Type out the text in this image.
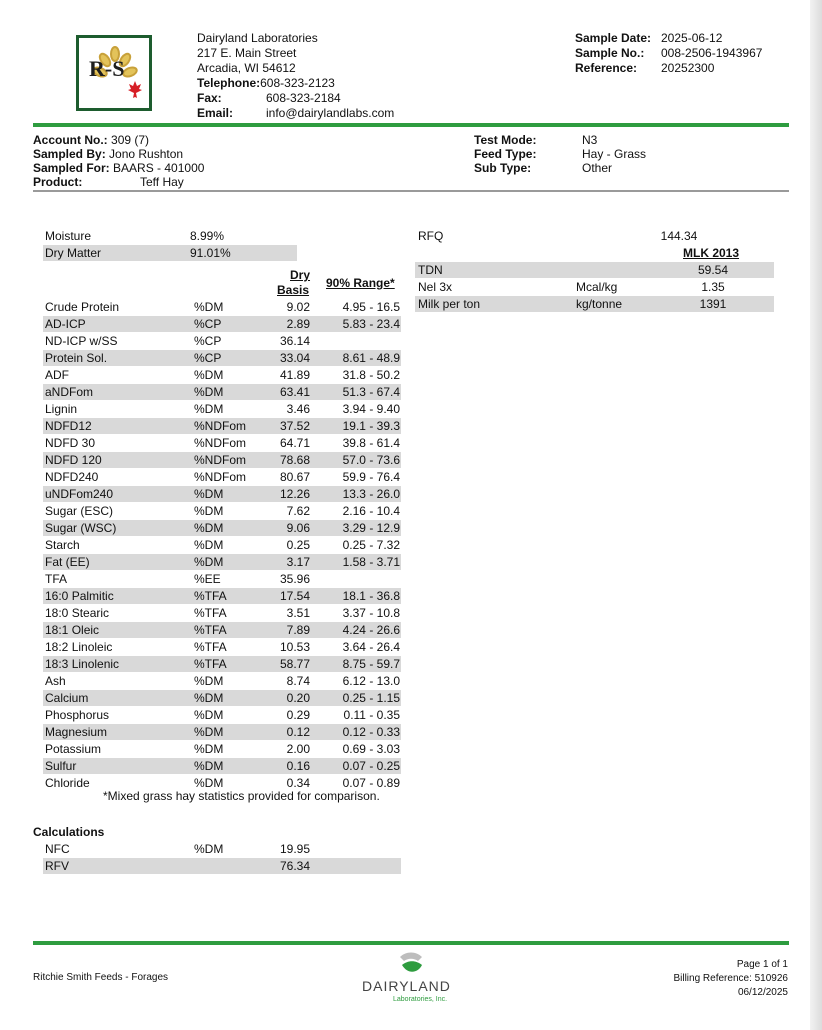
R-S
Dairyland Laboratories
217 E. Main Street
Arcadia, WI 54612
Telephone:608-323-2123
Fax:	608-323-2184
Email:	info@dairylandlabs.com
Sample Date: 2025-06-12
Sample No.: 008-2506-1943967
Reference: 20252300
Account No.: 309 (7)
Sampled By: Jono Rushton
Sampled For: BAARS - 401000
Product:	Teff Hay
Test Mode:	N3
Feed Type:	Hay - Grass
Sub Type:	Other
Moisture	8.99%
Dry Matter	91.01%
Dry
Basis 90% Range*
Crude Protein	%DM	9.02	4.95 - 16.5
AD-ICP	%CP	2.89	5.83 - 23.4
ND-ICP w/SS	%CP	36.14
Protein Sol.	%CP	33.04	8.61 - 48.9
ADF	%DM	41.89	31.8 - 50.2
aNDFom	%DM	63.41	51.3 - 67.4
Lignin	%DM	3.46	3.94 - 9.40
NDFD12	%NDFom	37.52	19.1 - 39.3
NDFD 30	%NDFom	64.71	39.8 - 61.4
NDFD 120	%NDFom	78.68	57.0 - 73.6
NDFD240	%NDFom	80.67	59.9 - 76.4
uNDFom240	%DM	12.26	13.3 - 26.0
Sugar (ESC)	%DM	7.62	2.16 - 10.4
Sugar (WSC)	%DM	9.06	3.29 - 12.9
Starch	%DM	0.25	0.25 - 7.32
Fat (EE)	%DM	3.17	1.58 - 3.71
TFA	%EE	35.96
16:0 Palmitic	%TFA	17.54	18.1 - 36.8
18:0 Stearic	%TFA	3.51	3.37 - 10.8
18:1 Oleic	%TFA	7.89	4.24 - 26.6
18:2 Linoleic	%TFA	10.53	3.64 - 26.4
18:3 Linolenic	%TFA	58.77	8.75 - 59.7
Ash	%DM	8.74	6.12 - 13.0
Calcium	%DM	0.20	0.25 - 1.15
Phosphorus	%DM	0.29	0.11 - 0.35
Magnesium	%DM	0.12	0.12 - 0.33
Potassium	%DM	2.00	0.69 - 3.03
Sulfur	%DM	0.16	0.07 - 0.25
Chloride	%DM	0.34	0.07 - 0.89
*Mixed grass hay statistics provided for comparison.
Calculations
NFC	%DM	19.95
RFV	76.34
RFQ	144.34
MLK 2013
TDN	59.54
Nel 3x	Mcal/kg	1.35
Milk per ton	kg/tonne	1391
Ritchie Smith Feeds - Forages
DAIRYLAND
Laboratories, Inc.
Page 1 of 1
Billing Reference: 510926
06/12/2025
